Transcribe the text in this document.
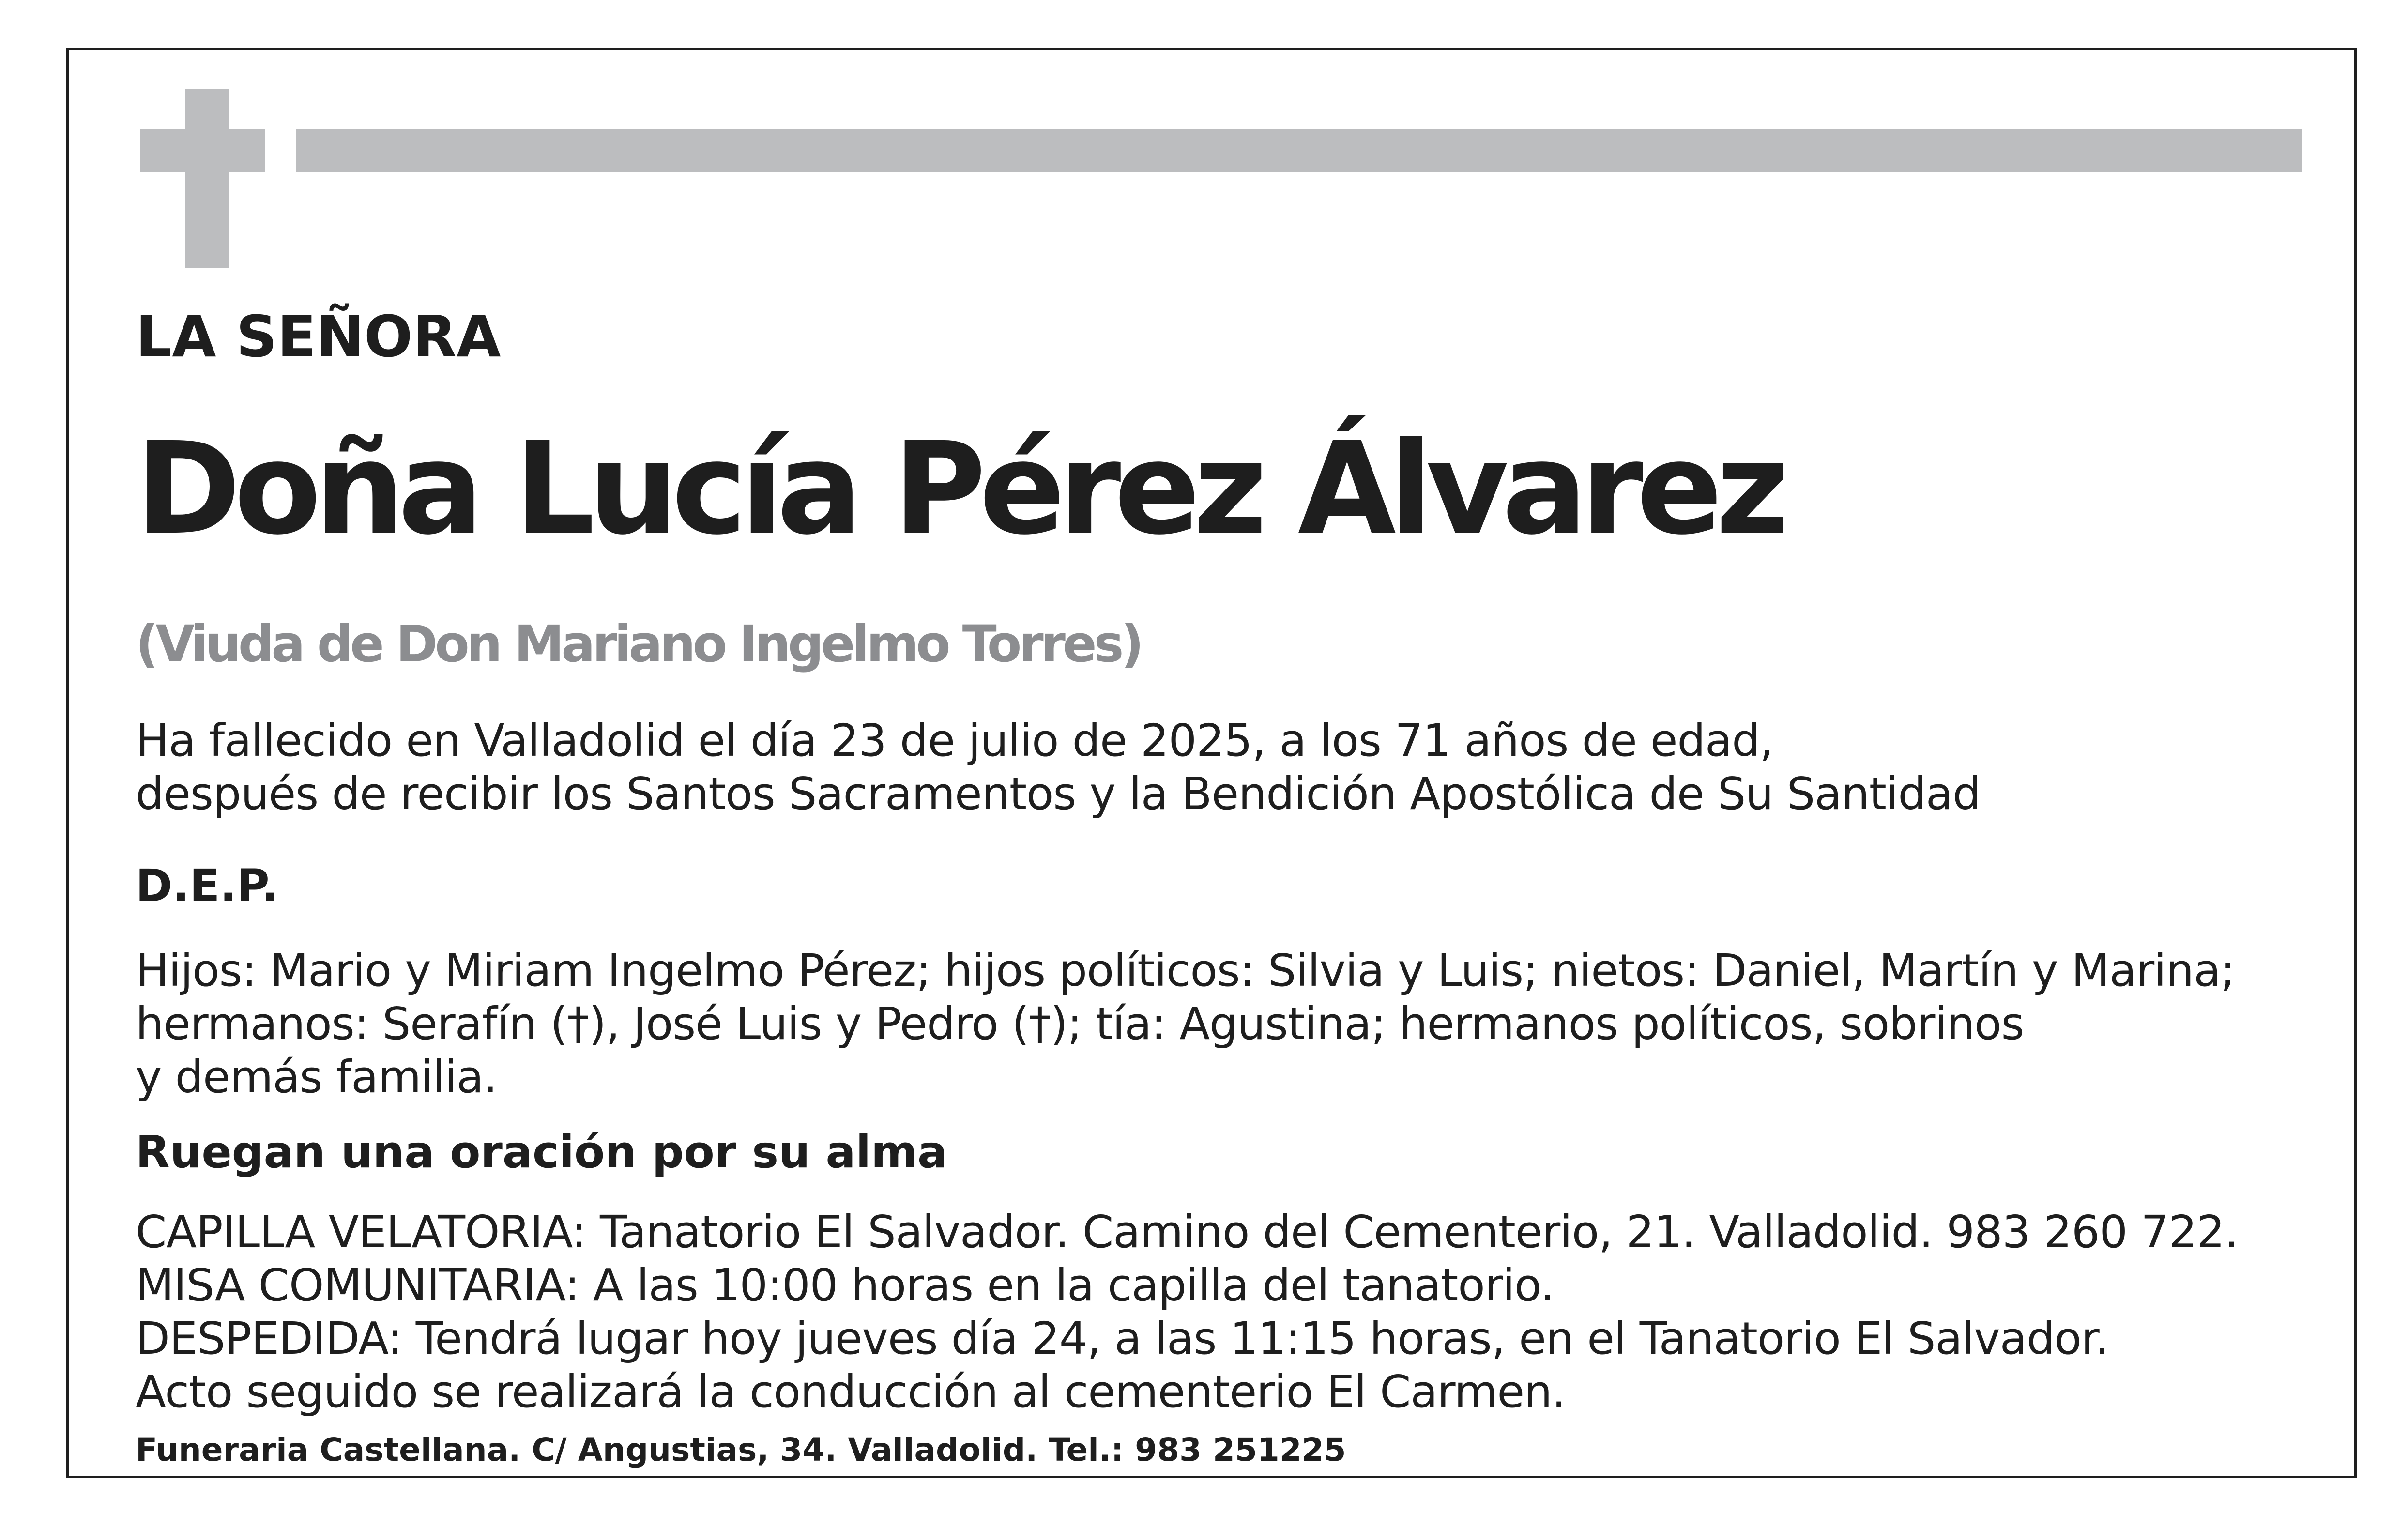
LA SEÑORA

Doña Lucía Pérez Álvarez

(Viuda de Don Mariano Ingelmo Torres)

Ha fallecido en Valladolid el día 23 de julio de 2025, a los 71 años de edad,
después de recibir los Santos Sacramentos y la Bendición Apostólica de Su Santidad

D.E.P.

Hijos: Mario y Miriam Ingelmo Pérez; hijos políticos: Silvia y Luis; nietos: Daniel, Martín y Marina;
hermanos: Serafín (†), José Luis y Pedro (†); tía: Agustina; hermanos políticos, sobrinos
y demás familia.

Ruegan una oración por su alma

CAPILLA VELATORIA: Tanatorio El Salvador. Camino del Cementerio, 21. Valladolid. 983 260 722.
MISA COMUNITARIA: A las 10:00 horas en la capilla del tanatorio.
DESPEDIDA: Tendrá lugar hoy jueves día 24, a las 11:15 horas, en el Tanatorio El Salvador.
Acto seguido se realizará la conducción al cementerio El Carmen.

Funeraria Castellana. C/ Angustias, 34. Valladolid. Tel.: 983 251225
